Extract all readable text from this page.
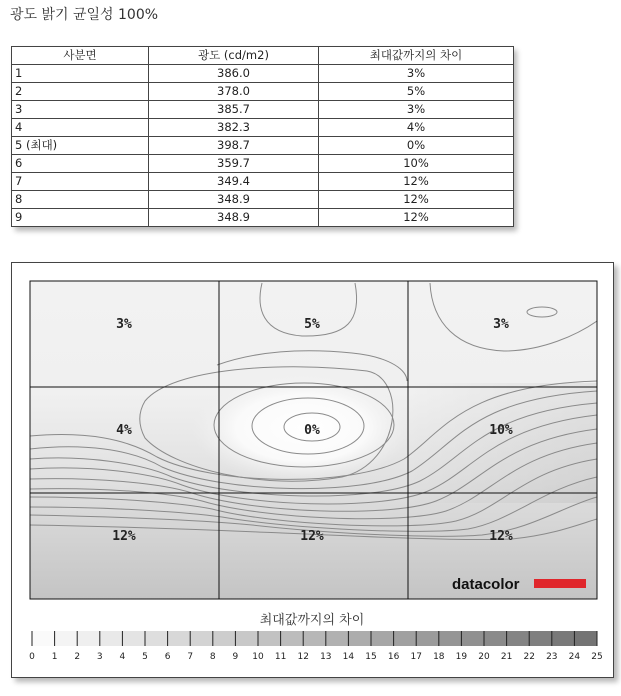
광도 밝기 균일성 100%
사분면	광도 (cd/m2)	최대값까지의 차이
1	386.0	3%
2	378.0	5%
3	385.7	3%
4	382.3	4%
5 (최대)	398.7	0%
6	359.7	10%
7	349.4	12%
8	348.9	12%
9	348.9	12%
3%	5%	3%
4%	0%	10%
12%	12%	12%
datacolor
최대값까지의 차이
0 1 2 3 4 5 6 7 8 9 10 11 12 13 14 15 16 17 18 19 20 21 22 23 24 25
